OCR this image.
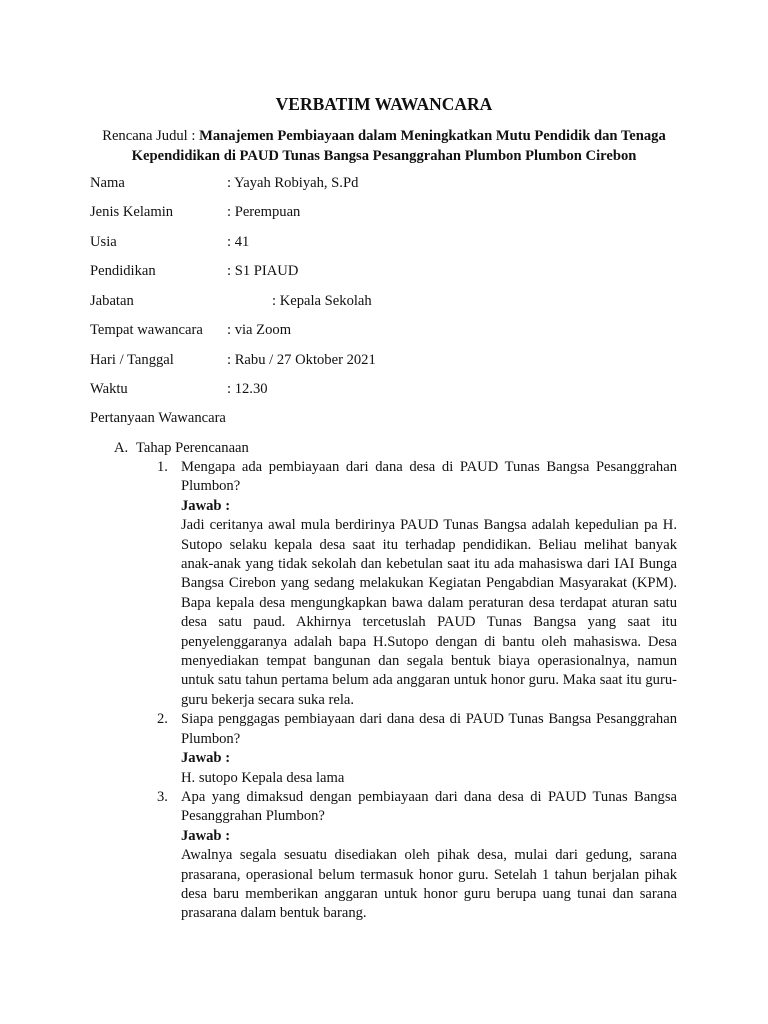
VERBATIM WAWANCARA
Rencana Judul : Manajemen Pembiayaan dalam Meningkatkan Mutu Pendidik dan Tenaga Kependidikan di PAUD Tunas Bangsa Pesanggrahan Plumbon Plumbon Cirebon
Nama	: Yayah Robiyah, S.Pd
Jenis Kelamin	: Perempuan
Usia	: 41
Pendidikan	: S1 PIAUD
Jabatan	: Kepala Sekolah
Tempat wawancara : via Zoom
Hari / Tanggal	: Rabu / 27 Oktober 2021
Waktu	: 12.30
Pertanyaan Wawancara
A. Tahap Perencanaan
1. Mengapa ada pembiayaan dari dana desa di PAUD Tunas Bangsa Pesanggrahan Plumbon?
Jawab :
Jadi ceritanya awal mula berdirinya PAUD Tunas Bangsa adalah kepedulian pa H. Sutopo selaku kepala desa saat itu terhadap pendidikan. Beliau melihat banyak anak-anak yang tidak sekolah dan kebetulan saat itu ada mahasiswa dari IAI Bunga Bangsa Cirebon yang sedang melakukan Kegiatan Pengabdian Masyarakat (KPM). Bapa kepala desa mengungkapkan bawa dalam peraturan desa terdapat aturan satu desa satu paud. Akhirnya tercetuslah PAUD Tunas Bangsa yang saat itu penyelenggaranya adalah bapa H.Sutopo dengan di bantu oleh mahasiswa. Desa menyediakan tempat bangunan dan segala bentuk biaya operasionalnya, namun untuk satu tahun pertama belum ada anggaran untuk honor guru. Maka saat itu guru-guru bekerja secara suka rela.
2. Siapa penggagas pembiayaan dari dana desa di PAUD Tunas Bangsa Pesanggrahan Plumbon?
Jawab :
H. sutopo Kepala desa lama
3. Apa yang dimaksud dengan pembiayaan dari dana desa di PAUD Tunas Bangsa Pesanggrahan Plumbon?
Jawab :
Awalnya segala sesuatu disediakan oleh pihak desa, mulai dari gedung, sarana prasarana, operasional belum termasuk honor guru. Setelah 1 tahun berjalan pihak desa baru memberikan anggaran untuk honor guru berupa uang tunai dan sarana prasarana dalam bentuk barang.
